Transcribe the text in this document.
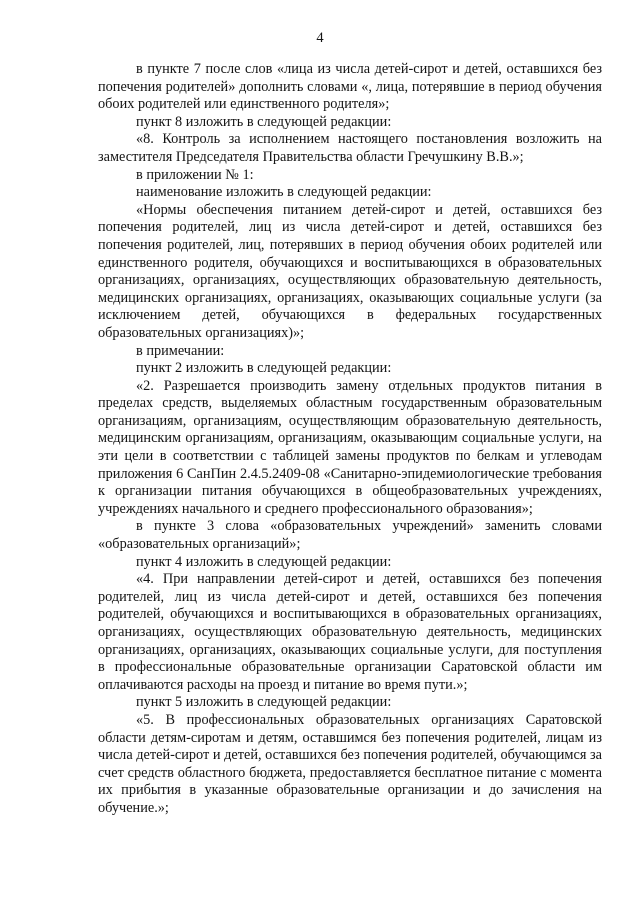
4

в пункте 7 после слов «лица из числа детей-сирот и детей, оставшихся без попечения родителей» дополнить словами «, лица, потерявшие в период обучения обоих родителей или единственного родителя»;

пункт 8 изложить в следующей редакции:

«8. Контроль за исполнением настоящего постановления возложить на заместителя Председателя Правительства области Гречушкину В.В.»;

в приложении № 1:

наименование изложить в следующей редакции:

«Нормы обеспечения питанием детей-сирот и детей, оставшихся без попечения родителей, лиц из числа детей-сирот и детей, оставшихся без попечения родителей, лиц, потерявших в период обучения обоих родителей или единственного родителя, обучающихся и воспитывающихся в образовательных организациях, организациях, осуществляющих образовательную деятельность, медицинских организациях, организациях, оказывающих социальные услуги (за исключением детей, обучающихся в федеральных государственных образовательных организациях)»;

в примечании:

пункт 2 изложить в следующей редакции:

«2. Разрешается производить замену отдельных продуктов питания в пределах средств, выделяемых областным государственным образовательным организациям, организациям, осуществляющим образовательную деятельность, медицинским организациям, организациям, оказывающим социальные услуги, на эти цели в соответствии с таблицей замены продуктов по белкам и углеводам приложения 6 СанПин 2.4.5.2409-08 «Санитарно-эпидемиологические требования к организации питания обучающихся в общеобразовательных учреждениях, учреждениях начального и среднего профессионального образования»;

в пункте 3 слова «образовательных учреждений» заменить словами «образовательных организаций»;

пункт 4 изложить в следующей редакции:

«4. При направлении детей-сирот и детей, оставшихся без попечения родителей, лиц из числа детей-сирот и детей, оставшихся без попечения родителей, обучающихся и воспитывающихся в образовательных организациях, организациях, осуществляющих образовательную деятельность, медицинских организациях, организациях, оказывающих социальные услуги, для поступления в профессиональные образовательные организации Саратовской области им оплачиваются расходы на проезд и питание во время пути.»;

пункт 5 изложить в следующей редакции:

«5. В профессиональных образовательных организациях Саратовской области детям-сиротам и детям, оставшимся без попечения родителей, лицам из числа детей-сирот и детей, оставшихся без попечения родителей, обучающимся за счет средств областного бюджета, предоставляется бесплатное питание с момента их прибытия в указанные образовательные организации и до зачисления на обучение.»;
